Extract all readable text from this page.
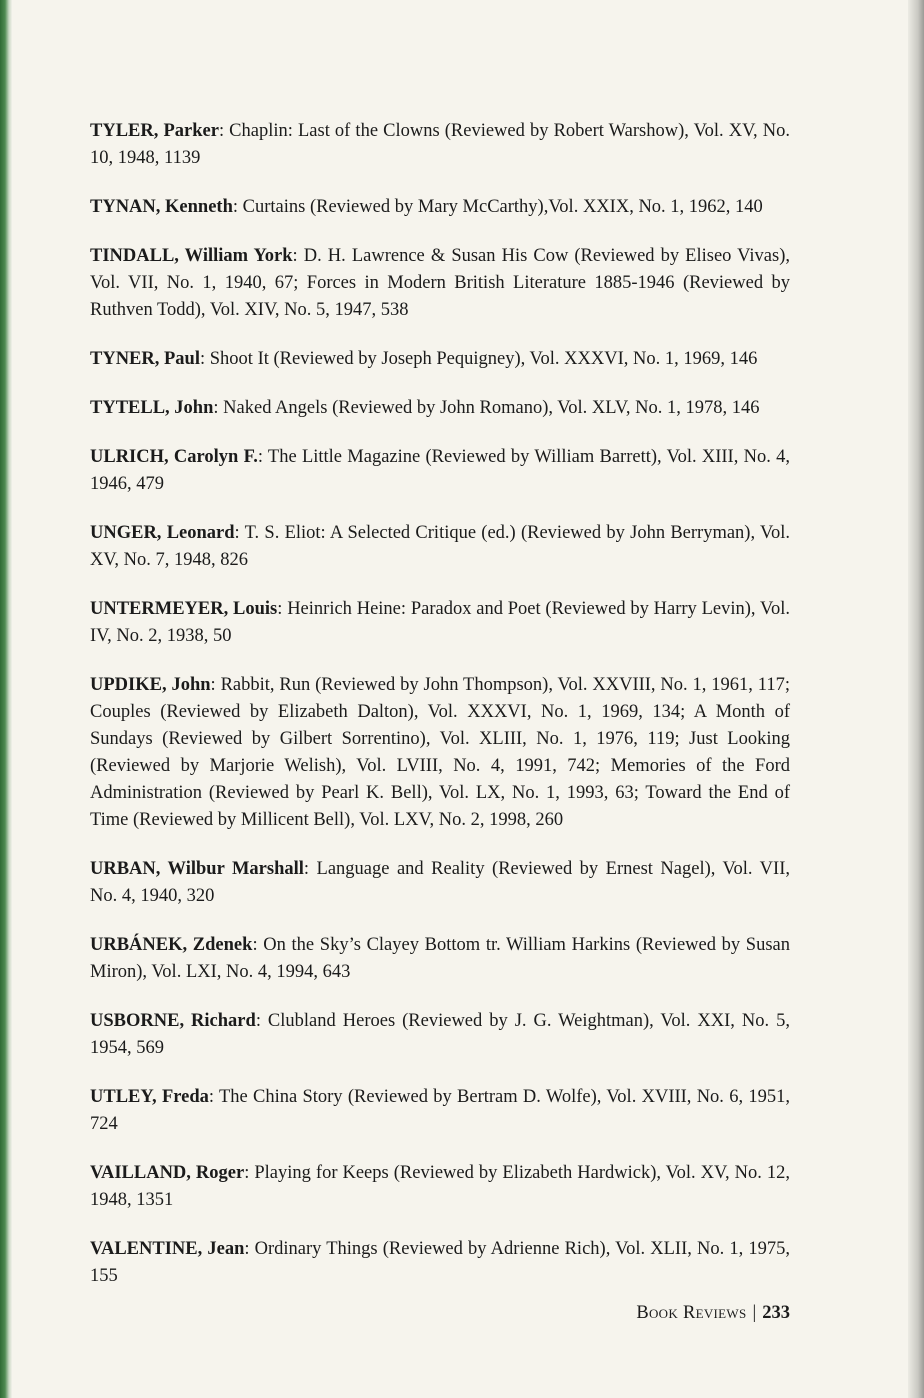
TYLER, Parker: Chaplin: Last of the Clowns (Reviewed by Robert Warshow), Vol. XV, No. 10, 1948, 1139

TYNAN, Kenneth: Curtains (Reviewed by Mary McCarthy),Vol. XXIX, No. 1, 1962, 140

TINDALL, William York: D. H. Lawrence & Susan His Cow (Reviewed by Eliseo Vivas), Vol. VII, No. 1, 1940, 67; Forces in Modern British Literature 1885-1946 (Reviewed by Ruthven Todd), Vol. XIV, No. 5, 1947, 538

TYNER, Paul: Shoot It (Reviewed by Joseph Pequigney), Vol. XXXVI, No. 1, 1969, 146

TYTELL, John: Naked Angels (Reviewed by John Romano), Vol. XLV, No. 1, 1978, 146

ULRICH, Carolyn F.: The Little Magazine (Reviewed by William Barrett), Vol. XIII, No. 4, 1946, 479

UNGER, Leonard: T. S. Eliot: A Selected Critique (ed.) (Reviewed by John Berryman), Vol. XV, No. 7, 1948, 826

UNTERMEYER, Louis: Heinrich Heine: Paradox and Poet (Reviewed by Harry Levin), Vol. IV, No. 2, 1938, 50

UPDIKE, John: Rabbit, Run (Reviewed by John Thompson), Vol. XXVIII, No. 1, 1961, 117; Couples (Reviewed by Elizabeth Dalton), Vol. XXXVI, No. 1, 1969, 134; A Month of Sundays (Reviewed by Gilbert Sorrentino), Vol. XLIII, No. 1, 1976, 119; Just Looking (Reviewed by Marjorie Welish), Vol. LVIII, No. 4, 1991, 742; Memories of the Ford Administration (Reviewed by Pearl K. Bell), Vol. LX, No. 1, 1993, 63; Toward the End of Time (Reviewed by Millicent Bell), Vol. LXV, No. 2, 1998, 260

URBAN, Wilbur Marshall: Language and Reality (Reviewed by Ernest Nagel), Vol. VII, No. 4, 1940, 320

URBÁNEK, Zdenek: On the Sky’s Clayey Bottom tr. William Harkins (Reviewed by Susan Miron), Vol. LXI, No. 4, 1994, 643

USBORNE, Richard: Clubland Heroes (Reviewed by J. G. Weightman), Vol. XXI, No. 5, 1954, 569

UTLEY, Freda: The China Story (Reviewed by Bertram D. Wolfe), Vol. XVIII, No. 6, 1951, 724

VAILLAND, Roger: Playing for Keeps (Reviewed by Elizabeth Hardwick), Vol. XV, No. 12, 1948, 1351

VALENTINE, Jean: Ordinary Things (Reviewed by Adrienne Rich), Vol. XLII, No. 1, 1975, 155

Book Reviews | 233
